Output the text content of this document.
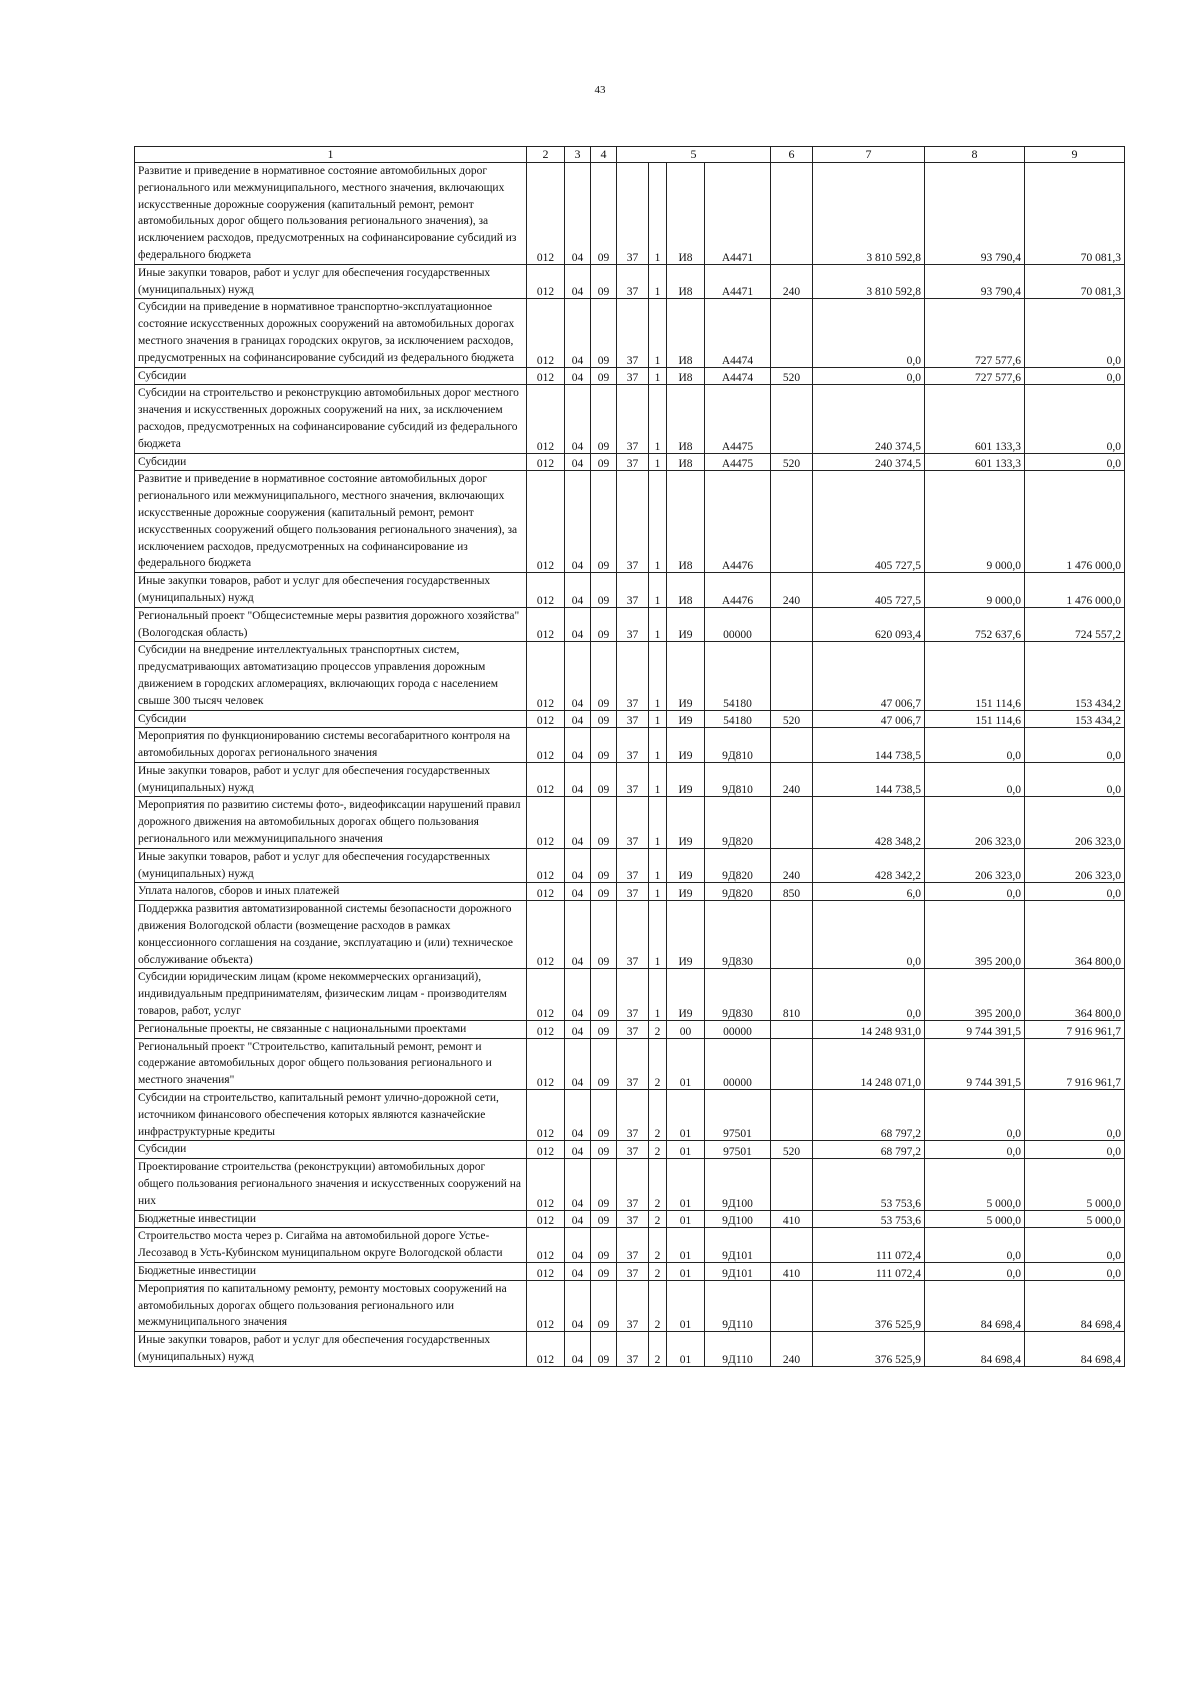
43
1	2	3	4	5				6	7	8	9
Развитие и приведение в нормативное состояние автомобильных дорог регионального или межмуниципального, местного значения, включающих искусственные дорожные сооружения (капитальный ремонт, ремонт автомобильных дорог общего пользования регионального значения), за исключением расходов, предусмотренных на софинансирование субсидий из федерального бюджета	012	04	09	37	1	И8	А4471		3 810 592,8	93 790,4	70 081,3
Иные закупки товаров, работ и услуг для обеспечения государственных (муниципальных) нужд	012	04	09	37	1	И8	А4471	240	3 810 592,8	93 790,4	70 081,3
Субсидии на приведение в нормативное транспортно-эксплуатационное состояние искусственных дорожных сооружений на автомобильных дорогах местного значения в границах городских округов, за исключением расходов, предусмотренных на софинансирование субсидий из федерального бюджета	012	04	09	37	1	И8	А4474		0,0	727 577,6	0,0
Субсидии	012	04	09	37	1	И8	А4474	520	0,0	727 577,6	0,0
Субсидии на строительство и реконструкцию автомобильных дорог местного значения и искусственных дорожных сооружений на них, за исключением расходов, предусмотренных на софинансирование субсидий из федерального бюджета	012	04	09	37	1	И8	А4475		240 374,5	601 133,3	0,0
Субсидии	012	04	09	37	1	И8	А4475	520	240 374,5	601 133,3	0,0
Развитие и приведение в нормативное состояние автомобильных дорог регионального или межмуниципального, местного значения, включающих искусственные дорожные сооружения (капитальный ремонт, ремонт искусственных сооружений общего пользования регионального значения), за исключением расходов, предусмотренных на софинансирование из федерального бюджета	012	04	09	37	1	И8	А4476		405 727,5	9 000,0	1 476 000,0
Иные закупки товаров, работ и услуг для обеспечения государственных (муниципальных) нужд	012	04	09	37	1	И8	А4476	240	405 727,5	9 000,0	1 476 000,0
Региональный проект "Общесистемные меры развития дорожного хозяйства" (Вологодская область)	012	04	09	37	1	И9	00000		620 093,4	752 637,6	724 557,2
Субсидии на внедрение интеллектуальных транспортных систем, предусматривающих автоматизацию процессов управления дорожным движением в городских агломерациях, включающих города с населением свыше 300 тысяч человек	012	04	09	37	1	И9	54180		47 006,7	151 114,6	153 434,2
Субсидии	012	04	09	37	1	И9	54180	520	47 006,7	151 114,6	153 434,2
Мероприятия по функционированию системы весогабаритного контроля на автомобильных дорогах регионального значения	012	04	09	37	1	И9	9Д810		144 738,5	0,0	0,0
Иные закупки товаров, работ и услуг для обеспечения государственных (муниципальных) нужд	012	04	09	37	1	И9	9Д810	240	144 738,5	0,0	0,0
Мероприятия по развитию системы фото-, видеофиксации нарушений правил дорожного движения на автомобильных дорогах общего пользования регионального или межмуниципального значения	012	04	09	37	1	И9	9Д820		428 348,2	206 323,0	206 323,0
Иные закупки товаров, работ и услуг для обеспечения государственных (муниципальных) нужд	012	04	09	37	1	И9	9Д820	240	428 342,2	206 323,0	206 323,0
Уплата налогов, сборов и иных платежей	012	04	09	37	1	И9	9Д820	850	6,0	0,0	0,0
Поддержка развития автоматизированной системы безопасности дорожного движения Вологодской области (возмещение расходов в рамках концессионного соглашения на создание, эксплуатацию и (или) техническое обслуживание объекта)	012	04	09	37	1	И9	9Д830		0,0	395 200,0	364 800,0
Субсидии юридическим лицам (кроме некоммерческих организаций), индивидуальным предпринимателям, физическим лицам - производителям товаров, работ, услуг	012	04	09	37	1	И9	9Д830	810	0,0	395 200,0	364 800,0
Региональные проекты, не связанные с национальными проектами	012	04	09	37	2	00	00000		14 248 931,0	9 744 391,5	7 916 961,7
Региональный проект "Строительство, капитальный ремонт, ремонт и содержание автомобильных дорог общего пользования регионального и местного значения"	012	04	09	37	2	01	00000		14 248 071,0	9 744 391,5	7 916 961,7
Субсидии на строительство, капитальный ремонт улично-дорожной сети, источником финансового обеспечения которых являются казначейские инфраструктурные кредиты	012	04	09	37	2	01	97501		68 797,2	0,0	0,0
Субсидии	012	04	09	37	2	01	97501	520	68 797,2	0,0	0,0
Проектирование строительства (реконструкции) автомобильных дорог общего пользования регионального значения и искусственных сооружений на них	012	04	09	37	2	01	9Д100		53 753,6	5 000,0	5 000,0
Бюджетные инвестиции	012	04	09	37	2	01	9Д100	410	53 753,6	5 000,0	5 000,0
Строительство моста через р. Сигайма на автомобильной дороге Устье-Лесозавод в Усть-Кубинском муниципальном округе Вологодской области	012	04	09	37	2	01	9Д101		111 072,4	0,0	0,0
Бюджетные инвестиции	012	04	09	37	2	01	9Д101	410	111 072,4	0,0	0,0
Мероприятия по капитальному ремонту, ремонту мостовых сооружений на автомобильных дорогах общего пользования регионального или межмуниципального значения	012	04	09	37	2	01	9Д110		376 525,9	84 698,4	84 698,4
Иные закупки товаров, работ и услуг для обеспечения государственных (муниципальных) нужд	012	04	09	37	2	01	9Д110	240	376 525,9	84 698,4	84 698,4
